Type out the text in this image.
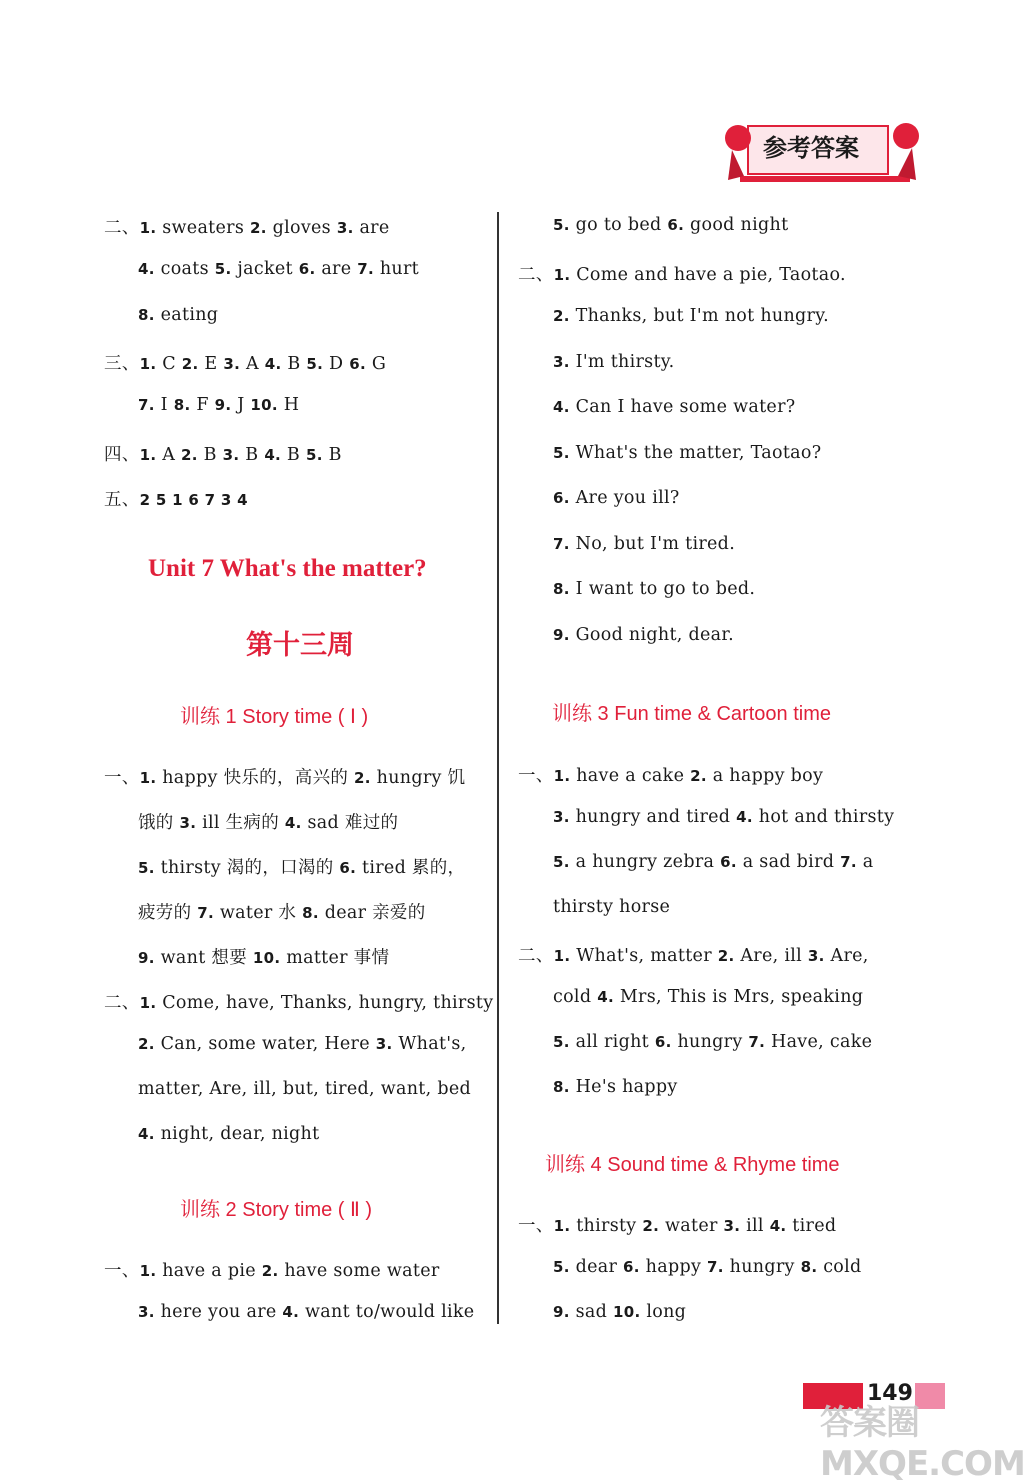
参考答案
二、1. sweaters 2. gloves 3. are
4. coats 5. jacket 6. are 7. hurt
8. eating
三、1. C 2. E 3. A 4. B 5. D 6. G
7. I 8. F 9. J 10. H
四、1. A 2. B 3. B 4. B 5. B
五、2 5 1 6 7 3 4
Unit 7 What's the matter?
第十三周
训练 1 Story time ( Ⅰ )
一、1. happy 快乐的，高兴的 2. hungry 饥
饿的 3. ill 生病的 4. sad 难过的
5. thirsty 渴的，口渴的 6. tired 累的，
疲劳的 7. water 水 8. dear 亲爱的
9. want 想要 10. matter 事情
二、1. Come, have, Thanks, hungry, thirsty
2. Can, some water, Here 3. What's,
matter, Are, ill, but, tired, want, bed
4. night, dear, night
训练 2 Story time ( Ⅱ )
一、1. have a pie 2. have some water
3. here you are 4. want to/would like
5. go to bed 6. good night
二、1. Come and have a pie, Taotao.
2. Thanks, but I'm not hungry.
3. I'm thirsty.
4. Can I have some water?
5. What's the matter, Taotao?
6. Are you ill?
7. No, but I'm tired.
8. I want to go to bed.
9. Good night, dear.
训练 3 Fun time & Cartoon time
一、1. have a cake 2. a happy boy
3. hungry and tired 4. hot and thirsty
5. a hungry zebra 6. a sad bird 7. a
thirsty horse
二、1. What's, matter 2. Are, ill 3. Are,
cold 4. Mrs, This is Mrs, speaking
5. all right 6. hungry 7. Have, cake
8. He's happy
训练 4 Sound time & Rhyme time
一、1. thirsty 2. water 3. ill 4. tired
5. dear 6. happy 7. hungry 8. cold
9. sad 10. long
149
答案圈 MXQE.COM
